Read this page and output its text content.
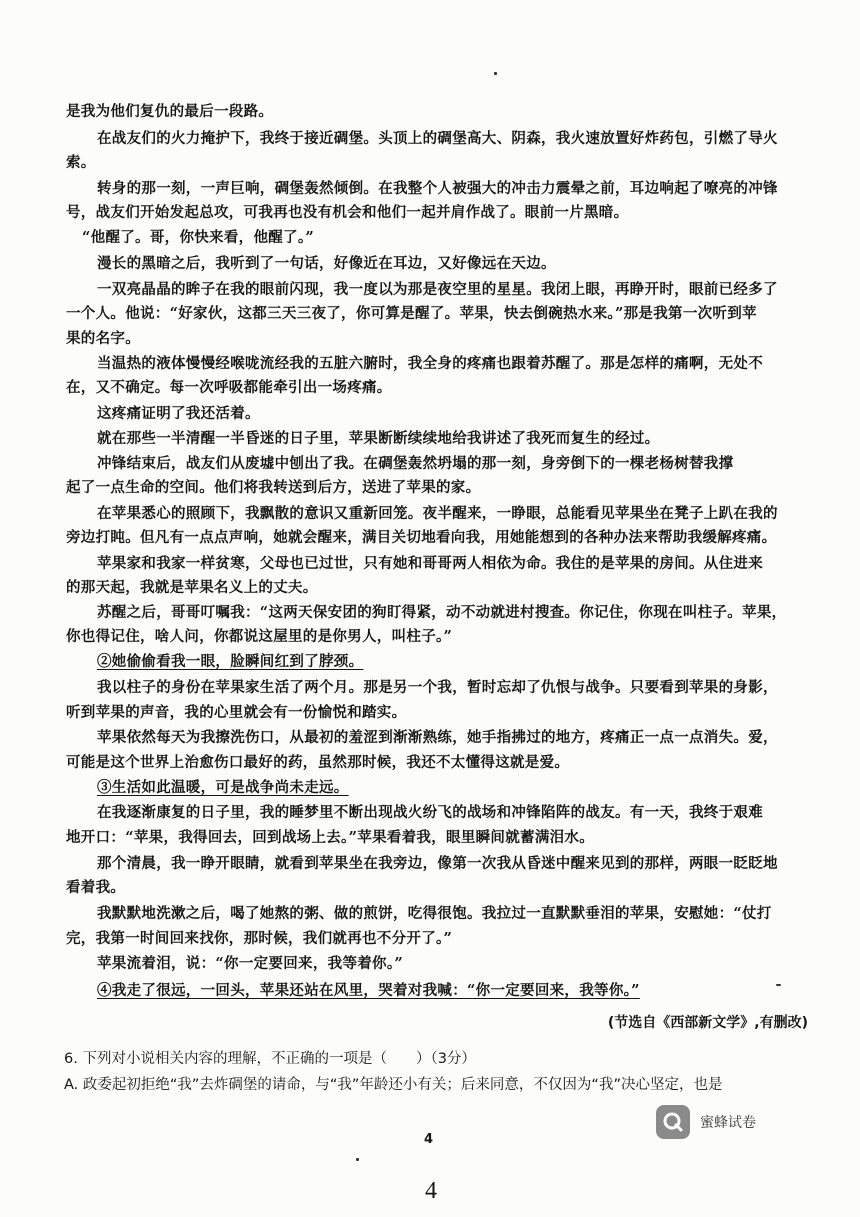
是我为他们复仇的最后一段路。
在战友们的火力掩护下，我终于接近碉堡。头顶上的碉堡高大、阴森，我火速放置好炸药包，引燃了导火
索。
转身的那一刻，一声巨响，碉堡轰然倾倒。在我整个人被强大的冲击力震晕之前，耳边响起了嘹亮的冲锋
号，战友们开始发起总攻，可我再也没有机会和他们一起并肩作战了。眼前一片黑暗。
“他醒了。哥，你快来看，他醒了。”
漫长的黑暗之后，我听到了一句话，好像近在耳边，又好像远在天边。
一双亮晶晶的眸子在我的眼前闪现，我一度以为那是夜空里的星星。我闭上眼，再睁开时，眼前已经多了
一个人。他说：“好家伙，这都三天三夜了，你可算是醒了。苹果，快去倒碗热水来。”那是我第一次听到苹
果的名字。
当温热的液体慢慢经喉咙流经我的五脏六腑时，我全身的疼痛也跟着苏醒了。那是怎样的痛啊，无处不
在，又不确定。每一次呼吸都能牵引出一场疼痛。
这疼痛证明了我还活着。
就在那些一半清醒一半昏迷的日子里，苹果断断续续地给我讲述了我死而复生的经过。
冲锋结束后，战友们从废墟中刨出了我。在碉堡轰然坍塌的那一刻，身旁倒下的一棵老杨树替我撑
起了一点生命的空间。他们将我转送到后方，送进了苹果的家。
在苹果悉心的照顾下，我飘散的意识又重新回笼。夜半醒来，一睁眼，总能看见苹果坐在凳子上趴在我的
旁边打盹。但凡有一点点声响，她就会醒来，满目关切地看向我，用她能想到的各种办法来帮助我缓解疼痛。
苹果家和我家一样贫寒，父母也已过世，只有她和哥哥两人相依为命。我住的是苹果的房间。从住进来
的那天起，我就是苹果名义上的丈夫。
苏醒之后，哥哥叮嘱我：“这两天保安团的狗盯得紧，动不动就进村搜查。你记住，你现在叫柱子。苹果，
你也得记住，啥人问，你都说这屋里的是你男人，叫柱子。”
②她偷偷看我一眼，脸瞬间红到了脖颈。
我以柱子的身份在苹果家生活了两个月。那是另一个我，暂时忘却了仇恨与战争。只要看到苹果的身影，
听到苹果的声音，我的心里就会有一份愉悦和踏实。
苹果依然每天为我擦洗伤口，从最初的羞涩到渐渐熟练，她手指拂过的地方，疼痛正一点一点消失。爱，
可能是这个世界上治愈伤口最好的药，虽然那时候，我还不太懂得这就是爱。
③生活如此温暖，可是战争尚未走远。
在我逐渐康复的日子里，我的睡梦里不断出现战火纷飞的战场和冲锋陷阵的战友。有一天，我终于艰难
地开口：“苹果，我得回去，回到战场上去。”苹果看着我，眼里瞬间就蓄满泪水。
那个清晨，我一睁开眼睛，就看到苹果坐在我旁边，像第一次我从昏迷中醒来见到的那样，两眼一眨眨地
看着我。
我默默地洗漱之后，喝了她熬的粥、做的煎饼，吃得很饱。我拉过一直默默垂泪的苹果，安慰她：“仗打
完，我第一时间回来找你，那时候，我们就再也不分开了。”
苹果流着泪，说：“你一定要回来，我等着你。”
④我走了很远，一回头，苹果还站在风里，哭着对我喊：“你一定要回来，我等你。”
(节选自《西部新文学》,有删改)
6. 下列对小说相关内容的理解，不正确的一项是（　　）（3分）
A. 政委起初拒绝“我”去炸碉堡的请命，与“我”年龄还小有关；后来同意，不仅因为“我”决心坚定，也是
蜜蜂试卷
4
4
